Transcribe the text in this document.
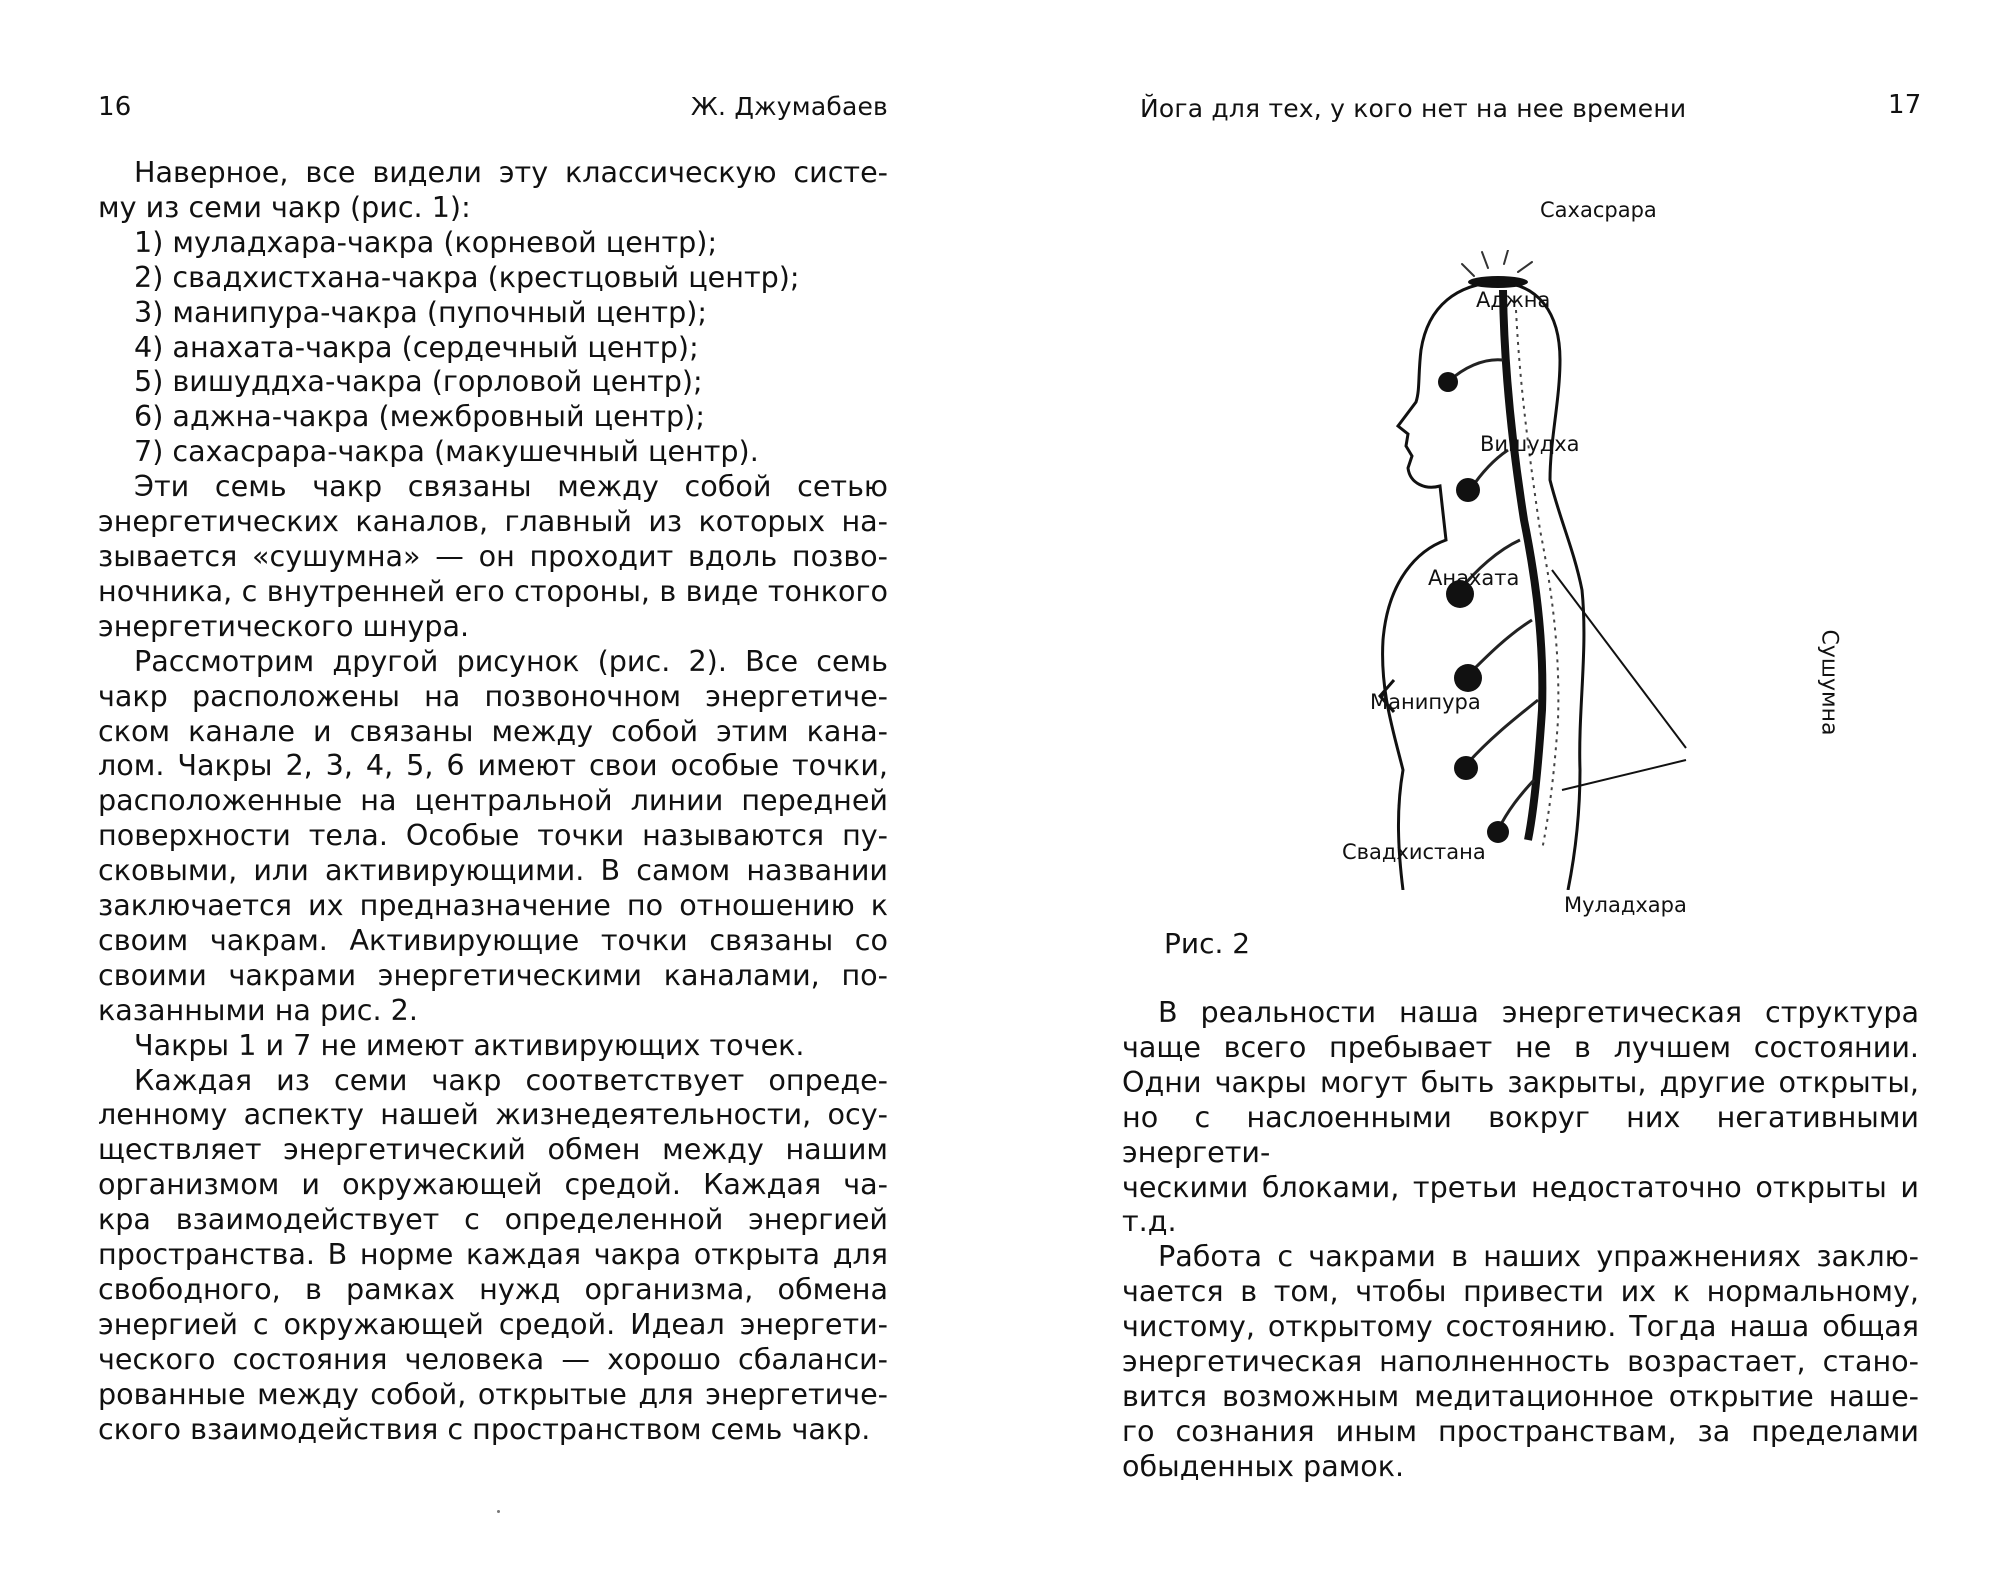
16	Ж. Джумабаев

Наверное, все видели эту классическую систе-

му из семи чакр (рис. 1):

1) муладхара-чакра (корневой центр);

2) свадхистхана-чакра (крестцовый центр);

3) манипура-чакра (пупочный центр);

4) анахата-чакра (сердечный центр);

5) вишуддха-чакра (горловой центр);

6) аджна-чакра (межбровный центр);

7) сахасрара-чакра (макушечный центр).

Эти семь чакр связаны между собой сетью

энергетических каналов, главный из которых на-

зывается «сушумна» — он проходит вдоль позво-

ночника, с внутренней его стороны, в виде тонкого

энергетического шнура.

Рассмотрим другой рисунок (рис. 2). Все семь

чакр расположены на позвоночном энергетиче-

ском канале и связаны между собой этим кана-

лом. Чакры 2, 3, 4, 5, 6 имеют свои особые точки,

расположенные на центральной линии передней

поверхности тела. Особые точки называются пу-

сковыми, или активирующими. В самом названии

заключается их предназначение по отношению к

своим чакрам. Активирующие точки связаны со

своими чакрами энергетическими каналами, по-

казанными на рис. 2.

Чакры 1 и 7 не имеют активирующих точек.

Каждая из семи чакр соответствует опреде-

ленному аспекту нашей жизнедеятельности, осу-

ществляет энергетический обмен между нашим

организмом и окружающей средой. Каждая ча-

кра взаимодействует с определенной энергией

пространства. В норме каждая чакра открыта для

свободного, в рамках нужд организма, обмена

энергией с окружающей средой. Идеал энергети-

ческого состояния человека — хорошо сбаланси-

рованные между собой, открытые для энергетиче-

ского взаимодействия с пространством семь чакр.

Йога для тех, у кого нет на нее времени	17
Сахасрара
Аджна
Вишудха
Анахата
Манипура
Свадхистана
Муладхара
Сушумна
Рис. 2

В реальности наша энергетическая структура

чаще всего пребывает не в лучшем состоянии.

Одни чакры могут быть закрыты, другие открыты,

но с наслоенными вокруг них негативными энергети-

ческими блоками, третьи недостаточно открыты и

т.д.

Работа с чакрами в наших упражнениях заклю-

чается в том, чтобы привести их к нормальному,

чистому, открытому состоянию. Тогда наша общая

энергетическая наполненность возрастает, стано-

вится возможным медитационное открытие наше-

го сознания иным пространствам, за пределами

обыденных рамок.
